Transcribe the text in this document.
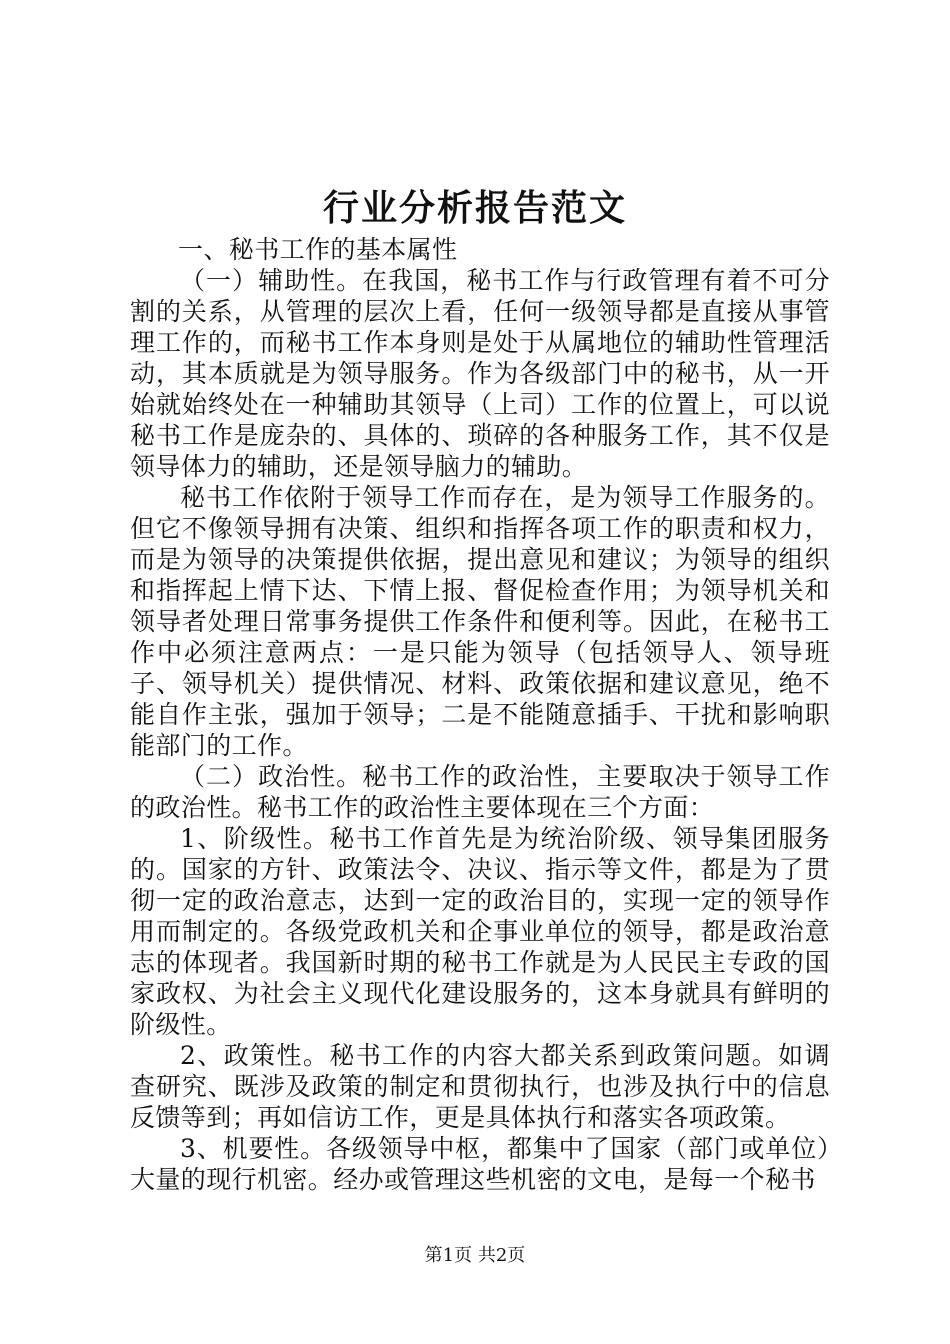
行业分析报告范文

一、秘书工作的基本属性

（一）辅助性。在我国，秘书工作与行政管理有着不可分割的关系，从管理的层次上看，任何一级领导都是直接从事管理工作的，而秘书工作本身则是处于从属地位的辅助性管理活动，其本质就是为领导服务。作为各级部门中的秘书，从一开始就始终处在一种辅助其领导（上司）工作的位置上，可以说秘书工作是庞杂的、具体的、琐碎的各种服务工作，其不仅是领导体力的辅助，还是领导脑力的辅助。

秘书工作依附于领导工作而存在，是为领导工作服务的。但它不像领导拥有决策、组织和指挥各项工作的职责和权力，而是为领导的决策提供依据，提出意见和建议；为领导的组织和指挥起上情下达、下情上报、督促检查作用；为领导机关和领导者处理日常事务提供工作条件和便利等。因此，在秘书工作中必须注意两点：一是只能为领导（包括领导人、领导班子、领导机关）提供情况、材料、政策依据和建议意见，绝不能自作主张，强加于领导；二是不能随意插手、干扰和影响职能部门的工作。

（二）政治性。秘书工作的政治性，主要取决于领导工作的政治性。秘书工作的政治性主要体现在三个方面：

1、阶级性。秘书工作首先是为统治阶级、领导集团服务的。国家的方针、政策法令、决议、指示等文件，都是为了贯彻一定的政治意志，达到一定的政治目的，实现一定的领导作用而制定的。各级党政机关和企事业单位的领导，都是政治意志的体现者。我国新时期的秘书工作就是为人民民主专政的国家政权、为社会主义现代化建设服务的，这本身就具有鲜明的阶级性。

2、政策性。秘书工作的内容大都关系到政策问题。如调查研究、既涉及政策的制定和贯彻执行，也涉及执行中的信息反馈等到；再如信访工作，更是具体执行和落实各项政策。

3、机要性。各级领导中枢，都集中了国家（部门或单位）大量的现行机密。经办或管理这些机密的文电，是每一个秘书

第1页 共2页
